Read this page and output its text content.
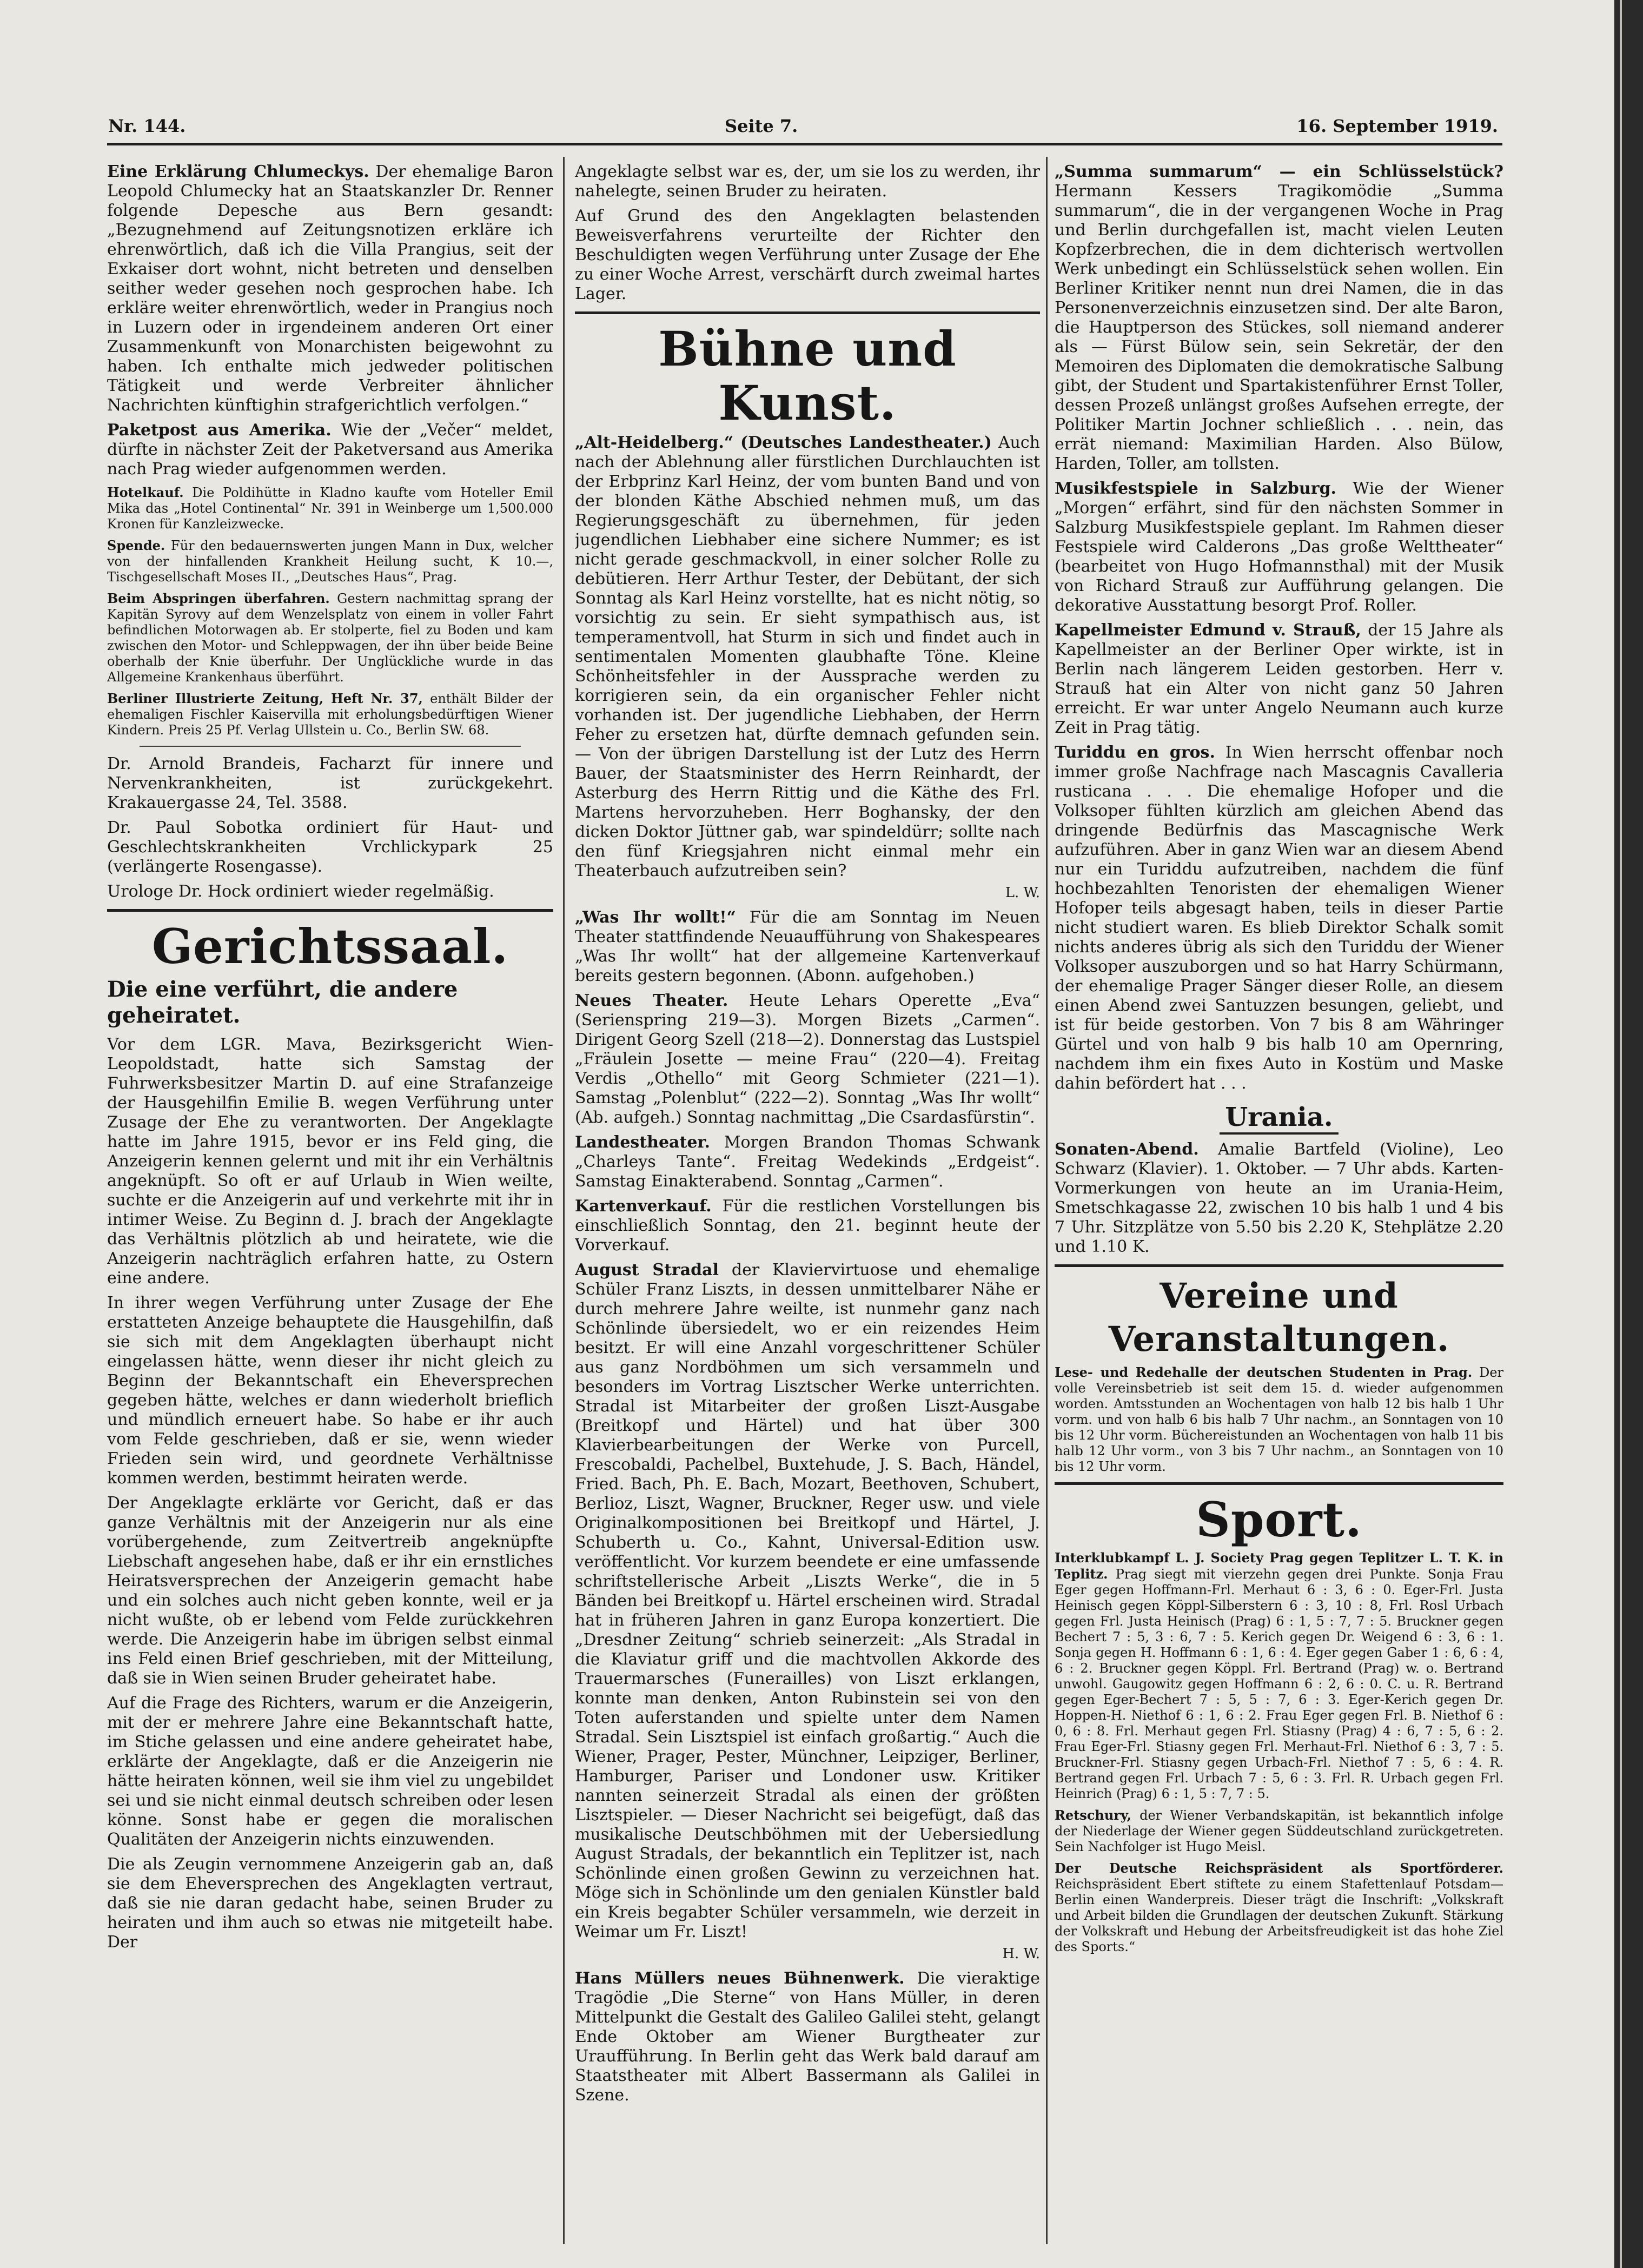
Nr. 144.	Seite 7.	16. September 1919.

Eine Erklärung Chlumeckys. Der ehemalige Baron Leopold Chlumecky hat an Staatskanzler Dr. Renner folgende Depesche aus Bern gesandt: „Bezugnehmend auf Zeitungsnotizen erkläre ich ehrenwörtlich, daß ich die Villa Prangius, seit der Exkaiser dort wohnt, nicht betreten und denselben seither weder gesehen noch gesprochen habe. Ich erkläre weiter ehrenwörtlich, weder in Prangius noch in Luzern oder in irgendeinem anderen Ort einer Zusammenkunft von Monarchisten beigewohnt zu haben. Ich enthalte mich jedweder politischen Tätigkeit und werde Verbreiter ähnlicher Nachrichten künftighin strafgerichtlich verfolgen.“

Paketpost aus Amerika. Wie der „Večer“ meldet, dürfte in nächster Zeit der Paketversand aus Amerika nach Prag wieder aufgenommen werden.

Hotelkauf. Die Poldihütte in Kladno kaufte vom Hoteller Emil Mika das „Hotel Continental“ Nr. 391 in Weinberge um 1,500.000 Kronen für Kanzleizwecke.

Spende. Für den bedauernswerten jungen Mann in Dux, welcher von der hinfallenden Krankheit Heilung sucht, K 10.—, Tischgesellschaft Moses II., „Deutsches Haus“, Prag.

Beim Abspringen überfahren. Gestern nachmittag sprang der Kapitän Syrovy auf dem Wenzelsplatz von einem in voller Fahrt befindlichen Motorwagen ab. Er stolperte, fiel zu Boden und kam zwischen den Motor- und Schleppwagen, der ihn über beide Beine oberhalb der Knie überfuhr. Der Unglückliche wurde in das Allgemeine Krankenhaus überführt.

Berliner Illustrierte Zeitung, Heft Nr. 37, enthält Bilder der ehemaligen Fischler Kaiservilla mit erholungsbedürftigen Wiener Kindern. Preis 25 Pf. Verlag Ullstein u. Co., Berlin SW. 68.

Dr. Arnold Brandeis, Facharzt für innere und Nervenkrankheiten, ist zurückgekehrt. Krakauergasse 24, Tel. 3588.

Dr. Paul Sobotka ordiniert für Haut- und Geschlechtskrankheiten Vrchlickypark 25 (verlängerte Rosengasse).

Urologe Dr. Hock ordiniert wieder regelmäßig.

Gerichtssaal.
Die eine verführt, die andere geheiratet.

Vor dem LGR. Mava, Bezirksgericht Wien-Leopoldstadt, hatte sich Samstag der Fuhrwerksbesitzer Martin D. auf eine Strafanzeige der Hausgehilfin Emilie B. wegen Verführung unter Zusage der Ehe zu verantworten. Der Angeklagte hatte im Jahre 1915, bevor er ins Feld ging, die Anzeigerin kennen gelernt und mit ihr ein Verhältnis angeknüpft. So oft er auf Urlaub in Wien weilte, suchte er die Anzeigerin auf und verkehrte mit ihr in intimer Weise. Zu Beginn d. J. brach der Angeklagte das Verhältnis plötzlich ab und heiratete, wie die Anzeigerin nachträglich erfahren hatte, zu Ostern eine andere.

In ihrer wegen Verführung unter Zusage der Ehe erstatteten Anzeige behauptete die Hausgehilfin, daß sie sich mit dem Angeklagten überhaupt nicht eingelassen hätte, wenn dieser ihr nicht gleich zu Beginn der Bekanntschaft ein Eheversprechen gegeben hätte, welches er dann wiederholt brieflich und mündlich erneuert habe. So habe er ihr auch vom Felde geschrieben, daß er sie, wenn wieder Frieden sein wird, und geordnete Verhältnisse kommen werden, bestimmt heiraten werde.

Der Angeklagte erklärte vor Gericht, daß er das ganze Verhältnis mit der Anzeigerin nur als eine vorübergehende, zum Zeitvertreib angeknüpfte Liebschaft angesehen habe, daß er ihr ein ernstliches Heiratsversprechen der Anzeigerin gemacht habe und ein solches auch nicht geben konnte, weil er ja nicht wußte, ob er lebend vom Felde zurückkehren werde. Die Anzeigerin habe im übrigen selbst einmal ins Feld einen Brief geschrieben, mit der Mitteilung, daß sie in Wien seinen Bruder geheiratet habe.

Auf die Frage des Richters, warum er die Anzeigerin, mit der er mehrere Jahre eine Bekanntschaft hatte, im Stiche gelassen und eine andere geheiratet habe, erklärte der Angeklagte, daß er die Anzeigerin nie hätte heiraten können, weil sie ihm viel zu ungebildet sei und sie nicht einmal deutsch schreiben oder lesen könne. Sonst habe er gegen die moralischen Qualitäten der Anzeigerin nichts einzuwenden.

Die als Zeugin vernommene Anzeigerin gab an, daß sie dem Eheversprechen des Angeklagten vertraut, daß sie nie daran gedacht habe, seinen Bruder zu heiraten und ihm auch so etwas nie mitgeteilt habe. Der

Angeklagte selbst war es, der, um sie los zu werden, ihr nahelegte, seinen Bruder zu heiraten.

Auf Grund des den Angeklagten belastenden Beweisverfahrens verurteilte der Richter den Beschuldigten wegen Verführung unter Zusage der Ehe zu einer Woche Arrest, verschärft durch zweimal hartes Lager.

Bühne und Kunst.

„Alt-Heidelberg.“ (Deutsches Landestheater.) Auch nach der Ablehnung aller fürstlichen Durchlauchten ist der Erbprinz Karl Heinz, der vom bunten Band und von der blonden Käthe Abschied nehmen muß, um das Regierungsgeschäft zu übernehmen, für jeden jugendlichen Liebhaber eine sichere Nummer; es ist nicht gerade geschmackvoll, in einer solcher Rolle zu debütieren. Herr Arthur Tester, der Debütant, der sich Sonntag als Karl Heinz vorstellte, hat es nicht nötig, so vorsichtig zu sein. Er sieht sympathisch aus, ist temperamentvoll, hat Sturm in sich und findet auch in sentimentalen Momenten glaubhafte Töne. Kleine Schönheitsfehler in der Aussprache werden zu korrigieren sein, da ein organischer Fehler nicht vorhanden ist. Der jugendliche Liebhaben, der Herrn Feher zu ersetzen hat, dürfte demnach gefunden sein. — Von der übrigen Darstellung ist der Lutz des Herrn Bauer, der Staatsminister des Herrn Reinhardt, der Asterburg des Herrn Rittig und die Käthe des Frl. Martens hervorzuheben. Herr Boghansky, der den dicken Doktor Jüttner gab, war spindeldürr; sollte nach den fünf Kriegsjahren nicht einmal mehr ein Theaterbauch aufzutreiben sein?

L. W.

„Was Ihr wollt!“ Für die am Sonntag im Neuen Theater stattfindende Neuaufführung von Shakespeares „Was Ihr wollt“ hat der allgemeine Kartenverkauf bereits gestern begonnen. (Abonn. aufgehoben.)

Neues Theater. Heute Lehars Operette „Eva“ (Serienspring 219—3). Morgen Bizets „Carmen“. Dirigent Georg Szell (218—2). Donnerstag das Lustspiel „Fräulein Josette — meine Frau“ (220—4). Freitag Verdis „Othello“ mit Georg Schmieter (221—1). Samstag „Polenblut“ (222—2). Sonntag „Was Ihr wollt“ (Ab. aufgeh.) Sonntag nachmittag „Die Csardasfürstin“.

Landestheater. Morgen Brandon Thomas Schwank „Charleys Tante“. Freitag Wedekinds „Erdgeist“. Samstag Einakterabend. Sonntag „Carmen“.

Kartenverkauf. Für die restlichen Vorstellungen bis einschließlich Sonntag, den 21. beginnt heute der Vorverkauf.

August Stradal der Klaviervirtuose und ehemalige Schüler Franz Liszts, in dessen unmittelbarer Nähe er durch mehrere Jahre weilte, ist nunmehr ganz nach Schönlinde übersiedelt, wo er ein reizendes Heim besitzt. Er will eine Anzahl vorgeschrittener Schüler aus ganz Nordböhmen um sich versammeln und besonders im Vortrag Lisztscher Werke unterrichten. Stradal ist Mitarbeiter der großen Liszt-Ausgabe (Breitkopf und Härtel) und hat über 300 Klavierbearbeitungen der Werke von Purcell, Frescobaldi, Pachelbel, Buxtehude, J. S. Bach, Händel, Fried. Bach, Ph. E. Bach, Mozart, Beethoven, Schubert, Berlioz, Liszt, Wagner, Bruckner, Reger usw. und viele Originalkompositionen bei Breitkopf und Härtel, J. Schuberth u. Co., Kahnt, Universal-Edition usw. veröffentlicht. Vor kurzem beendete er eine umfassende schriftstellerische Arbeit „Liszts Werke“, die in 5 Bänden bei Breitkopf u. Härtel erscheinen wird. Stradal hat in früheren Jahren in ganz Europa konzertiert. Die „Dresdner Zeitung“ schrieb seinerzeit: „Als Stradal in die Klaviatur griff und die machtvollen Akkorde des Trauermarsches (Funerailles) von Liszt erklangen, konnte man denken, Anton Rubinstein sei von den Toten auferstanden und spielte unter dem Namen Stradal. Sein Lisztspiel ist einfach großartig.“ Auch die Wiener, Prager, Pester, Münchner, Leipziger, Berliner, Hamburger, Pariser und Londoner usw. Kritiker nannten seinerzeit Stradal als einen der größten Lisztspieler. — Dieser Nachricht sei beigefügt, daß das musikalische Deutschböhmen mit der Uebersiedlung August Stradals, der bekanntlich ein Teplitzer ist, nach Schönlinde einen großen Gewinn zu verzeichnen hat. Möge sich in Schönlinde um den genialen Künstler bald ein Kreis begabter Schüler versammeln, wie derzeit in Weimar um Fr. Liszt!

H. W.

Hans Müllers neues Bühnenwerk. Die vieraktige Tragödie „Die Sterne“ von Hans Müller, in deren Mittelpunkt die Gestalt des Galileo Galilei steht, gelangt Ende Oktober am Wiener Burgtheater zur Uraufführung. In Berlin geht das Werk bald darauf am Staatstheater mit Albert Bassermann als Galilei in Szene.

„Summa summarum“ — ein Schlüsselstück? Hermann Kessers Tragikomödie „Summa summarum“, die in der vergangenen Woche in Prag und Berlin durchgefallen ist, macht vielen Leuten Kopfzerbrechen, die in dem dichterisch wertvollen Werk unbedingt ein Schlüsselstück sehen wollen. Ein Berliner Kritiker nennt nun drei Namen, die in das Personenverzeichnis einzusetzen sind. Der alte Baron, die Hauptperson des Stückes, soll niemand anderer als — Fürst Bülow sein, sein Sekretär, der den Memoiren des Diplomaten die demokratische Salbung gibt, der Student und Spartakistenführer Ernst Toller, dessen Prozeß unlängst großes Aufsehen erregte, der Politiker Martin Jochner schließlich . . . nein, das errät niemand: Maximilian Harden. Also Bülow, Harden, Toller, am tollsten.

Musikfestspiele in Salzburg. Wie der Wiener „Morgen“ erfährt, sind für den nächsten Sommer in Salzburg Musikfestspiele geplant. Im Rahmen dieser Festspiele wird Calderons „Das große Welttheater“ (bearbeitet von Hugo Hofmannsthal) mit der Musik von Richard Strauß zur Aufführung gelangen. Die dekorative Ausstattung besorgt Prof. Roller.

Kapellmeister Edmund v. Strauß, der 15 Jahre als Kapellmeister an der Berliner Oper wirkte, ist in Berlin nach längerem Leiden gestorben. Herr v. Strauß hat ein Alter von nicht ganz 50 Jahren erreicht. Er war unter Angelo Neumann auch kurze Zeit in Prag tätig.

Turiddu en gros. In Wien herrscht offenbar noch immer große Nachfrage nach Mascagnis Cavalleria rusticana . . . Die ehemalige Hofoper und die Volksoper fühlten kürzlich am gleichen Abend das dringende Bedürfnis das Mascagnische Werk aufzuführen. Aber in ganz Wien war an diesem Abend nur ein Turiddu aufzutreiben, nachdem die fünf hochbezahlten Tenoristen der ehemaligen Wiener Hofoper teils abgesagt haben, teils in dieser Partie nicht studiert waren. Es blieb Direktor Schalk somit nichts anderes übrig als sich den Turiddu der Wiener Volksoper auszuborgen und so hat Harry Schürmann, der ehemalige Prager Sänger dieser Rolle, an diesem einen Abend zwei Santuzzen besungen, geliebt, und ist für beide gestorben. Von 7 bis 8 am Währinger Gürtel und von halb 9 bis halb 10 am Opernring, nachdem ihm ein fixes Auto in Kostüm und Maske dahin befördert hat . . .

Urania.

Sonaten-Abend. Amalie Bartfeld (Violine), Leo Schwarz (Klavier). 1. Oktober. — 7 Uhr abds. Karten-Vormerkungen von heute an im Urania-Heim, Smetschkagasse 22, zwischen 10 bis halb 1 und 4 bis 7 Uhr. Sitzplätze von 5.50 bis 2.20 K, Stehplätze 2.20 und 1.10 K.

Vereine und Veranstaltungen.

Lese- und Redehalle der deutschen Studenten in Prag. Der volle Vereinsbetrieb ist seit dem 15. d. wieder aufgenommen worden. Amtsstunden an Wochentagen von halb 12 bis halb 1 Uhr vorm. und von halb 6 bis halb 7 Uhr nachm., an Sonntagen von 10 bis 12 Uhr vorm. Büchereistunden an Wochentagen von halb 11 bis halb 12 Uhr vorm., von 3 bis 7 Uhr nachm., an Sonntagen von 10 bis 12 Uhr vorm.

Sport.

Interklubkampf L. J. Society Prag gegen Teplitzer L. T. K. in Teplitz. Prag siegt mit vierzehn gegen drei Punkte. Sonja Frau Eger gegen Hoffmann-Frl. Merhaut 6 : 3, 6 : 0. Eger-Frl. Justa Heinisch gegen Köppl-Silberstern 6 : 3, 10 : 8, Frl. Rosl Urbach gegen Frl. Justa Heinisch (Prag) 6 : 1, 5 : 7, 7 : 5. Bruckner gegen Bechert 7 : 5, 3 : 6, 7 : 5. Kerich gegen Dr. Weigend 6 : 3, 6 : 1. Sonja gegen H. Hoffmann 6 : 1, 6 : 4. Eger gegen Gaber 1 : 6, 6 : 4, 6 : 2. Bruckner gegen Köppl. Frl. Bertrand (Prag) w. o. Bertrand unwohl. Gaugowitz gegen Hoffmann 6 : 2, 6 : 0. C. u. R. Bertrand gegen Eger-Bechert 7 : 5, 5 : 7, 6 : 3. Eger-Kerich gegen Dr. Hoppen-H. Niethof 6 : 1, 6 : 2. Frau Eger gegen Frl. B. Niethof 6 : 0, 6 : 8. Frl. Merhaut gegen Frl. Stiasny (Prag) 4 : 6, 7 : 5, 6 : 2. Frau Eger-Frl. Stiasny gegen Frl. Merhaut-Frl. Niethof 6 : 3, 7 : 5. Bruckner-Frl. Stiasny gegen Urbach-Frl. Niethof 7 : 5, 6 : 4. R. Bertrand gegen Frl. Urbach 7 : 5, 6 : 3. Frl. R. Urbach gegen Frl. Heinrich (Prag) 6 : 1, 5 : 7, 7 : 5.

Retschury, der Wiener Verbandskapitän, ist bekanntlich infolge der Niederlage der Wiener gegen Süddeutschland zurückgetreten. Sein Nachfolger ist Hugo Meisl.

Der Deutsche Reichspräsident als Sportförderer. Reichspräsident Ebert stiftete zu einem Stafettenlauf Potsdam—Berlin einen Wanderpreis. Dieser trägt die Inschrift: „Volkskraft und Arbeit bilden die Grundlagen der deutschen Zukunft. Stärkung der Volkskraft und Hebung der Arbeitsfreudigkeit ist das hohe Ziel des Sports.“
